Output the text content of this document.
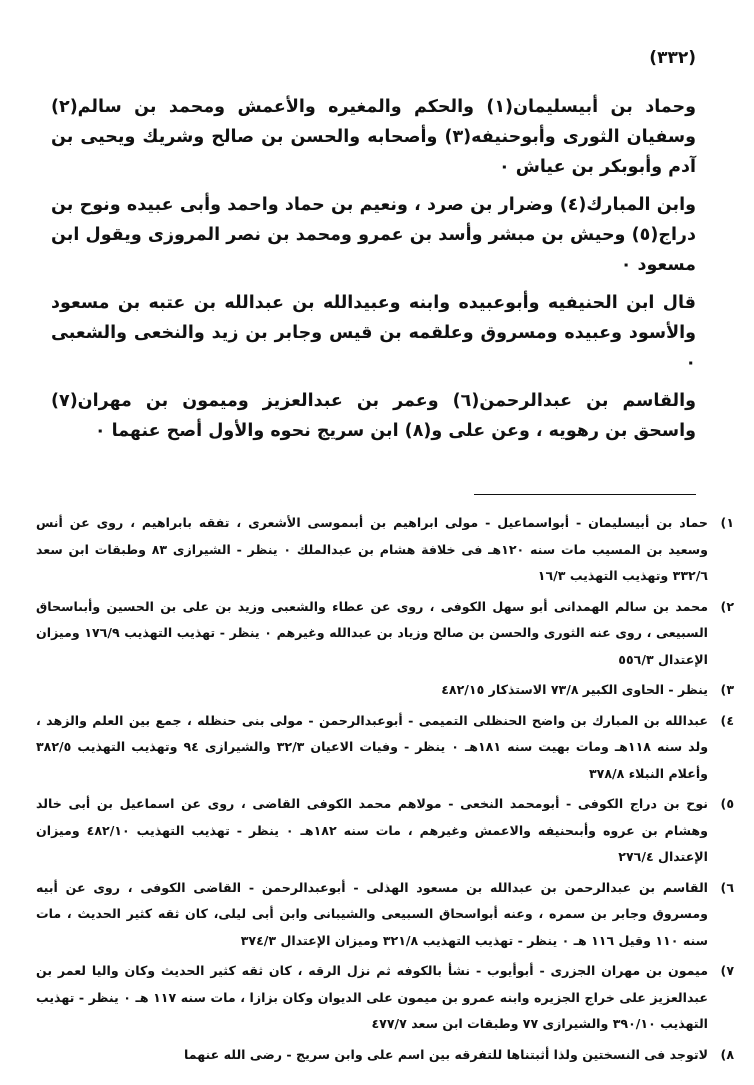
(٣٣٢)

وحماد بن أبيسليمان(١) والحكم والمغيره والأعمش ومحمد بن سالم(٢) وسفيان الثورى وأبوحنيفه(٣) وأصحابه والحسن بن صالح وشريك ويحيى بن آدم وأبوبكر بن عياش ٠

وابن المبارك(٤) وضرار بن صرد ، ونعيم بن حماد واحمد وأبى عبيده ونوح بن دراج(٥) وحيش بن مبشر وأسد بن عمرو ومحمد بن نصر المروزى ويقول ابن مسعود ٠

قال ابن الحنيفيه وأبوعبيده وابنه وعبيدالله بن عبدالله بن عتبه بن مسعود والأسود وعبيده ومسروق وعلقمه بن قيس وجابر بن زيد والنخعى والشعبى ٠

والقاسم بن عبدالرحمن(٦) وعمر بن عبدالعزيز وميمون بن مهران(٧) واسحق بن رهويه ، وعن على و(٨) ابن سريج نحوه والأول أصح عنهما ٠

١)
حماد بن أبيسليمان - أبواسماعيل - مولى ابراهيم بن أبىموسى الأشعرى ، تفقه بابراهيم ، روى عن أنس وسعيد بن المسيب مات سنه ١٢٠هـ فى خلافة هشام بن عبدالملك ٠ ينظر - الشيرازى ٨٣ وطبقات ابن سعد ٣٣٢/٦ وتهذيب التهذيب ١٦/٣
٢)
محمد بن سالم الهمدانى أبو سهل الكوفى ، روى عن عطاء والشعبى وزيد بن على بن الحسين وأبىاسحاق السبيعى ، روى عنه الثورى والحسن بن صالح وزياد بن عبدالله وغيرهم ٠ ينظر - تهذيب التهذيب ١٧٦/٩ وميزان الإعتدال ٥٥٦/٣
٣)
ينظر - الحاوى الكبير ٧٣/٨ الاستذكار ٤٨٢/١٥
٤)
عبدالله بن المبارك بن واضح الحنظلى التميمى - أبوعبدالرحمن - مولى بنى حنظله ، جمع بين العلم والزهد ، ولد سنه ١١٨هـ ومات بهيت سنه ١٨١هـ ٠ ينظر - وفيات الاعيان ٣٢/٣ والشيرازى ٩٤ وتهذيب التهذيب ٣٨٢/٥ وأعلام النبلاء ٣٧٨/٨
٥)
نوح بن دراج الكوفى - أبومحمد النخعى - مولاهم محمد الكوفى القاضى ، روى عن اسماعيل بن أبى خالد وهشام بن عروه وأبىحنيفه والاعمش وغيرهم ، مات سنه ١٨٢هـ ٠ ينظر - تهذيب التهذيب ٤٨٢/١٠ وميزان الإعتدال ٢٧٦/٤
٦)
القاسم بن عبدالرحمن بن عبدالله بن مسعود الهذلى - أبوعبدالرحمن - القاضى الكوفى ، روى عن أبيه ومسروق وجابر بن سمره ، وعنه أبواسحاق السبيعى والشيبانى وابن أبى ليلى، كان ثقه كثير الحديث ، مات سنه ١١٠ وقيل ١١٦ هـ ٠ ينظر - تهذيب التهذيب ٣٢١/٨ وميزان الإعتدال ٣٧٤/٣
٧)
ميمون بن مهران الجزرى - أبوأيوب - نشأ بالكوفه ثم نزل الرقه ، كان ثقه كثير الحديث وكان واليا لعمر بن عبدالعزيز على خراج الجزيره وابنه عمرو بن ميمون على الديوان وكان بزازا ، مات سنه ١١٧ هـ ٠ ينظر - تهذيب التهذيب ٣٩٠/١٠ والشيرازى ٧٧ وطبقات ابن سعد ٤٧٧/٧
٨)
لاتوجد فى النسختين ولذا أثبتناها للتفرقه بين اسم على وابن سريج - رضى الله عنهما
